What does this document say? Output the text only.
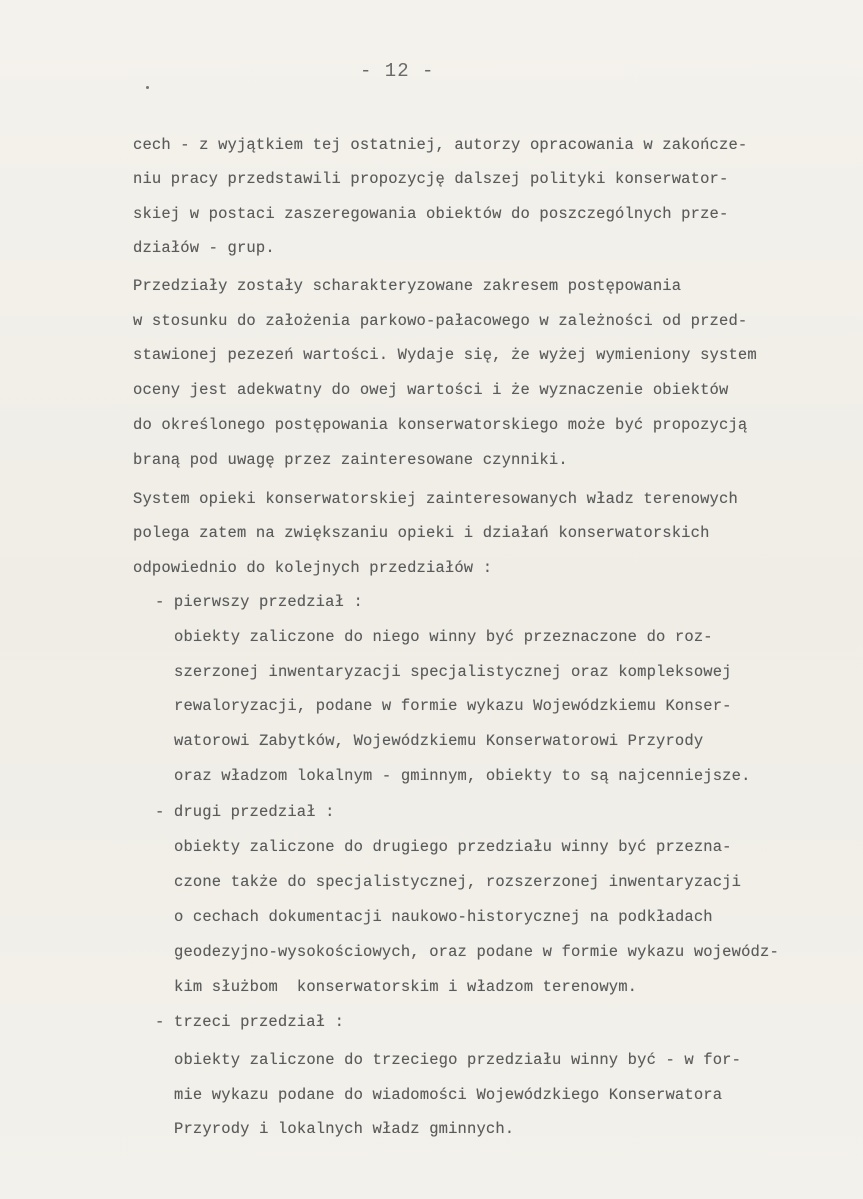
- 12 -
cech - z wyjątkiem tej ostatniej, autorzy opracowania w zakończe-
niu pracy przedstawili propozycję dalszej polityki konserwator-
skiej w postaci zaszeregowania obiektów do poszczególnych prze-
działów - grup.
Przedziały zostały scharakteryzowane zakresem postępowania
w stosunku do założenia parkowo-pałacowego w zależności od przed-
stawionej pezezeń wartości. Wydaje się, że wyżej wymieniony system
oceny jest adekwatny do owej wartości i że wyznaczenie obiektów
do określonego postępowania konserwatorskiego może być propozycją
braną pod uwagę przez zainteresowane czynniki.
System opieki konserwatorskiej zainteresowanych władz terenowych
polega zatem na zwiększaniu opieki i działań konserwatorskich
odpowiednio do kolejnych przedziałów :
- pierwszy przedział :
obiekty zaliczone do niego winny być przeznaczone do roz-
szerzonej inwentaryzacji specjalistycznej oraz kompleksowej
rewaloryzacji, podane w formie wykazu Wojewódzkiemu Konser-
watorowi Zabytków, Wojewódzkiemu Konserwatorowi Przyrody
oraz władzom lokalnym - gminnym, obiekty to są najcenniejsze.
- drugi przedział :
obiekty zaliczone do drugiego przedziału winny być przezna-
czone także do specjalistycznej, rozszerzonej inwentaryzacji
o cechach dokumentacji naukowo-historycznej na podkładach
geodezyjno-wysokościowych, oraz podane w formie wykazu wojewódz-
kim służbom  konserwatorskim i władzom terenowym.
- trzeci przedział :
obiekty zaliczone do trzeciego przedziału winny być - w for-
mie wykazu podane do wiadomości Wojewódzkiego Konserwatora
Przyrody i lokalnych władz gminnych.
